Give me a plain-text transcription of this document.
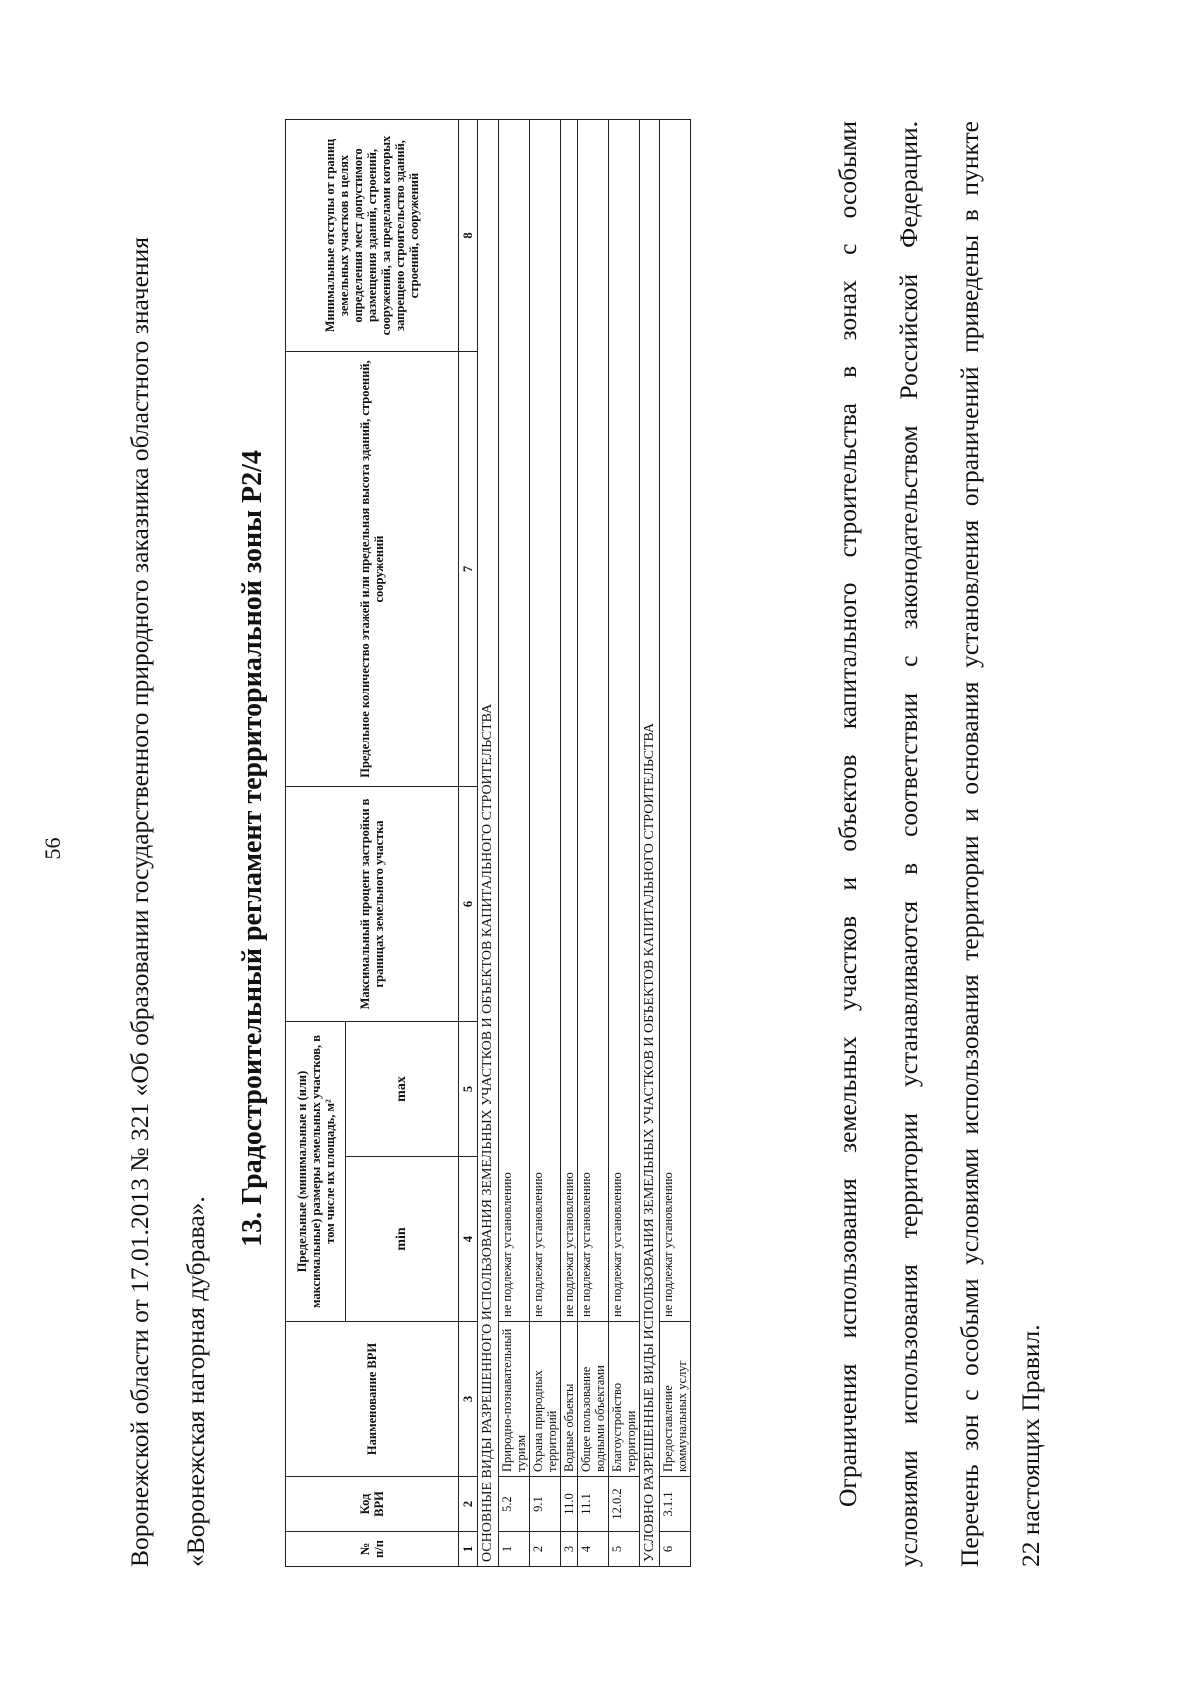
56 Воронежской области от 17.01.2013 № 321 «Об образовании государственного природного заказника областного значения «Воронежская нагорная дубрава».
13. Градостроительный регламент территориальной зоны Р2/4
№ п/п	Код ВРИ	Наименование ВРИ	Предельные (минимальные и (или) максимальные) размеры земельных участков, в том числе их площадь, м²		Максимальный процент застройки в границах земельного участка	Предельное количество этажей или предельная высота зданий, строений, сооружений	Минимальные отступы от границ земельных участков в целях определения мест допустимого размещения зданий, строений, сооружений, за пределами которых запрещено строительство зданий, строений, сооружений
			min	max			
1	2	3	4	5	6	7	8
ОСНОВНЫЕ ВИДЫ РАЗРЕШЕННОГО ИСПОЛЬЗОВАНИЯ ЗЕМЕЛЬНЫХ УЧАСТКОВ И ОБЪЕКТОВ КАПИТАЛЬНОГО СТРОИТЕЛЬСТВА							
1	5.2	Природно-познавательный туризм	не подлежат установлению				
2	9.1	Охрана природных территорий	не подлежат установлению				
3	11.0	Водные объекты	не подлежат установлению				
4	11.1	Общее пользование водными объектами	не подлежат установлению				
5	12.0.2	Благоустройство территории	не подлежат установлению				
УСЛОВНО РАЗРЕШЕННЫЕ ВИДЫ ИСПОЛЬЗОВАНИЯ ЗЕМЕЛЬНЫХ УЧАСТКОВ И ОБЪЕКТОВ КАПИТАЛЬНОГО СТРОИТЕЛЬСТВА							
6	3.1.1	Предоставление коммунальных услуг	не подлежат установлению					Ограничения использования земельных участков и объектов капитального строительства в зонах с особыми условиями использования территории устанавливаются в соответствии с законодательством Российской Федерации. Перечень зон с особыми условиями использования территории и основания установления ограничений приведены в пункте 22 настоящих Правил.
